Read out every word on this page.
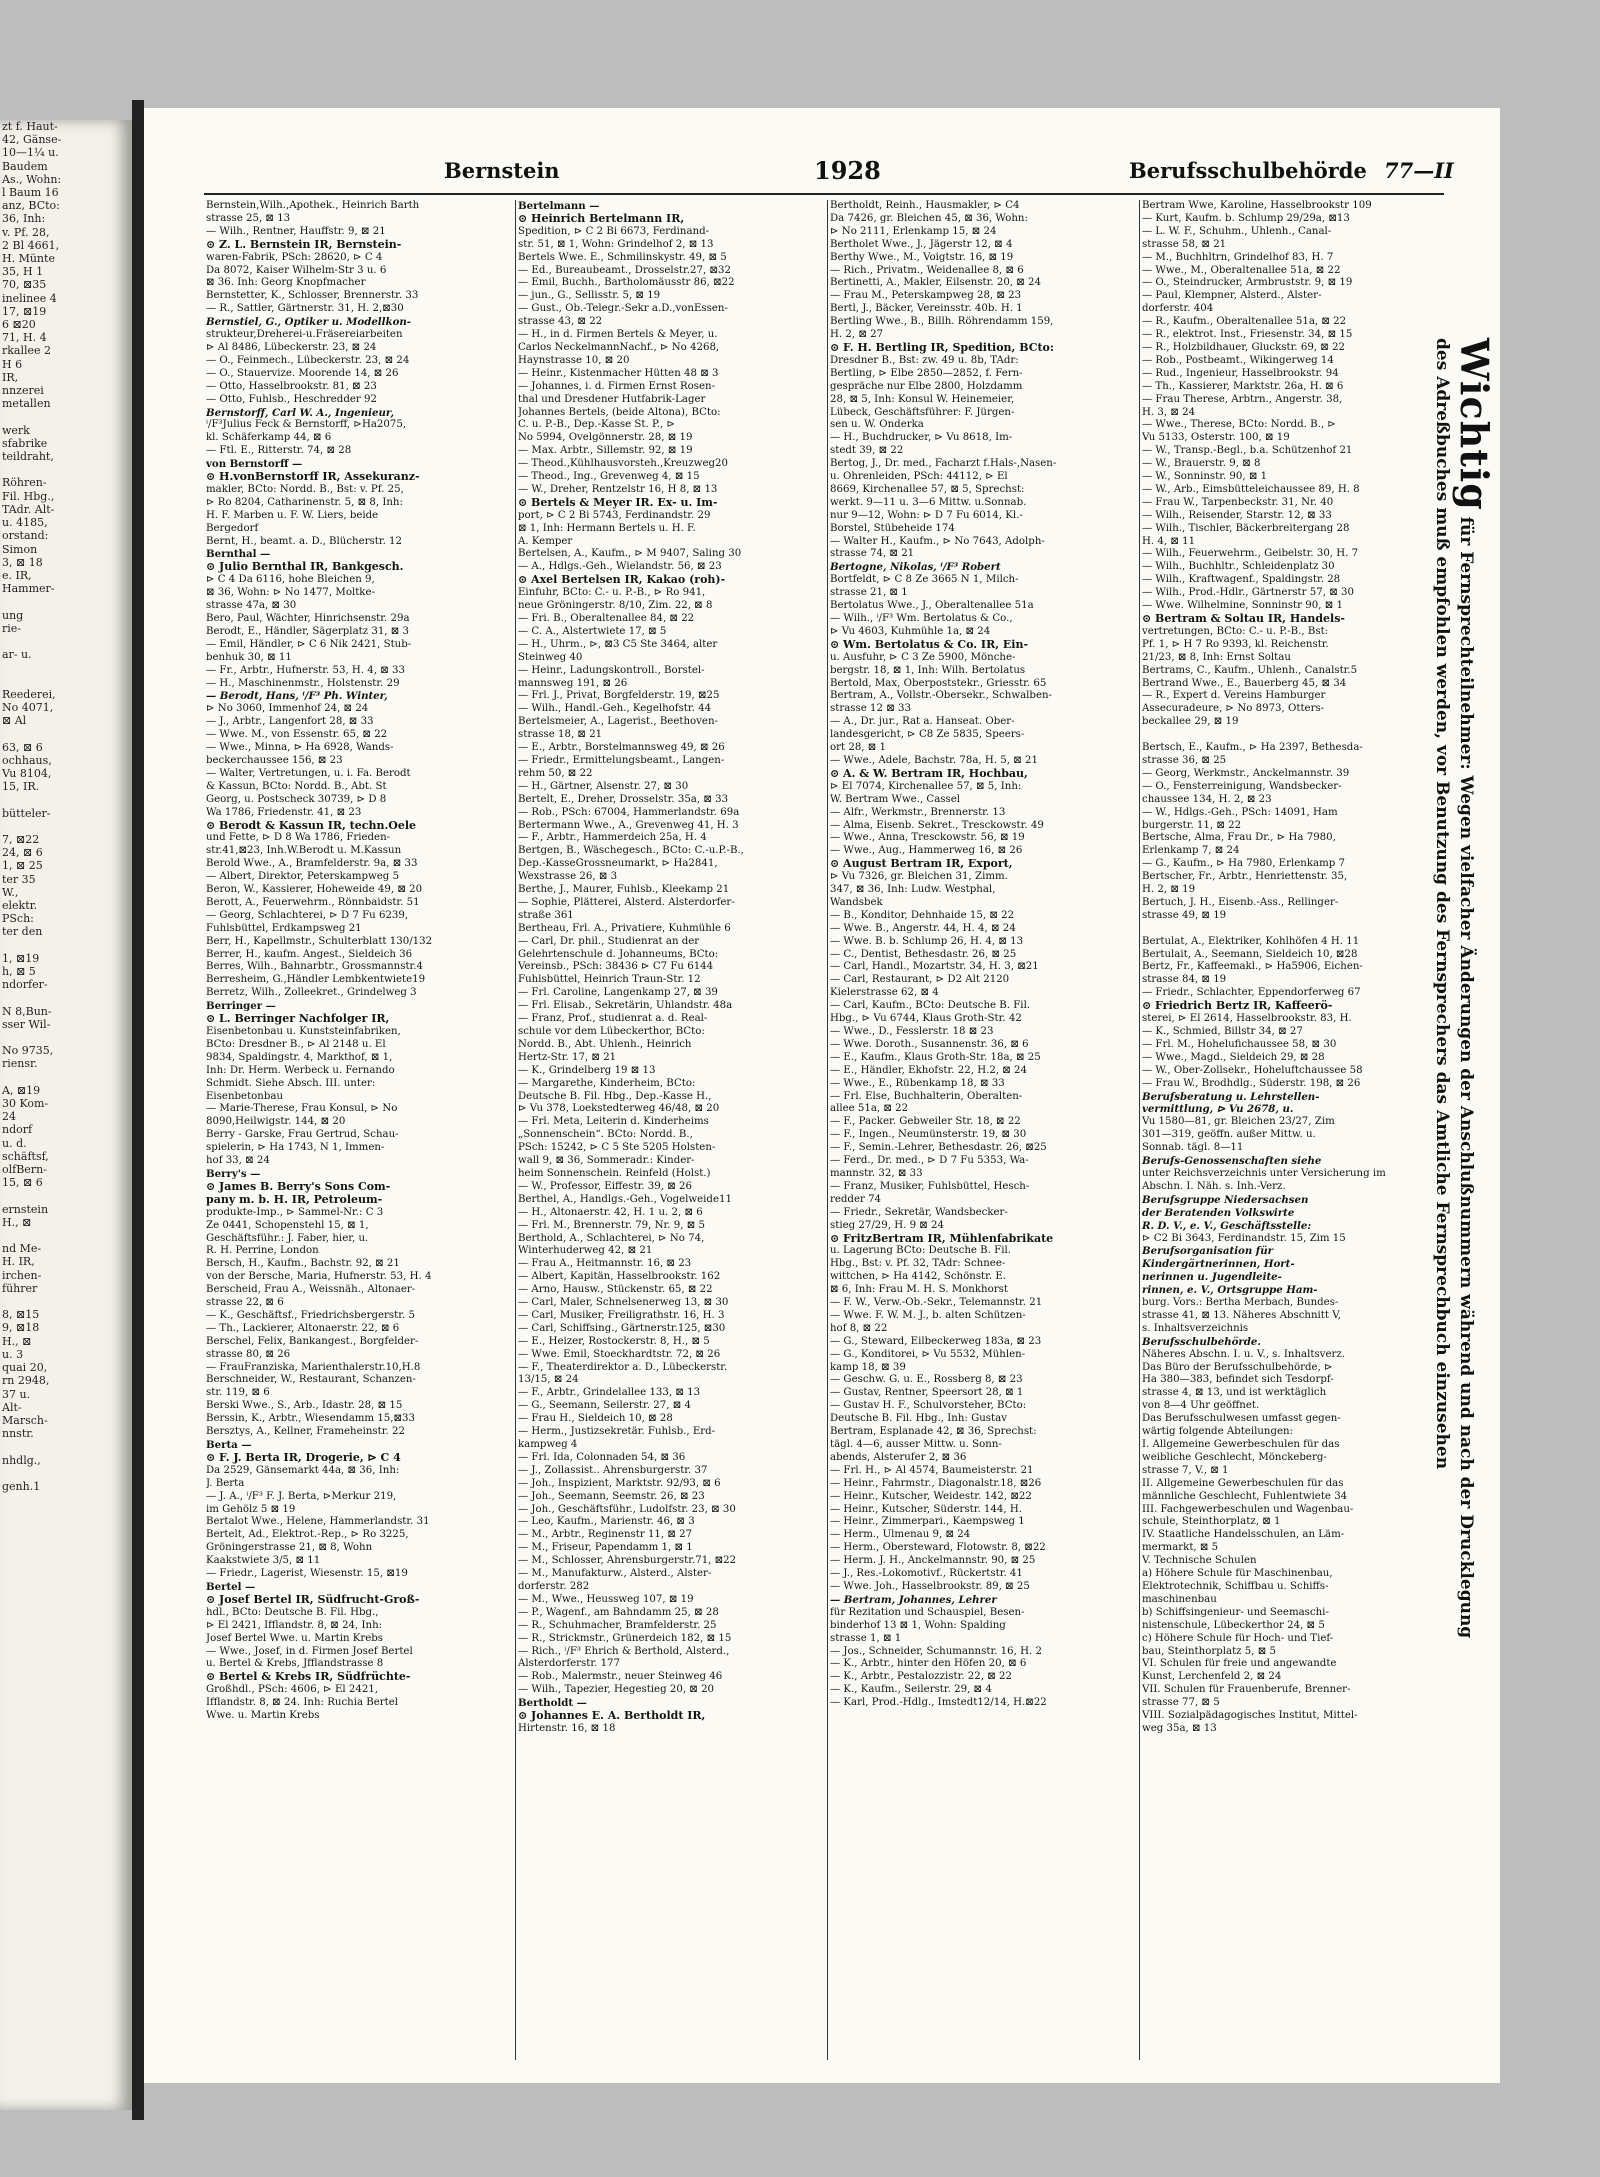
zt f. Haut-
42, Gänse-
10—1¼ u.
Baudem
As., Wohn:
l Baum 16
anz, BCto:
36, Inh:
v. Pf. 28,
2 Bl 4661,
H. Münte
35, H 1
70, ⊠35
inelinee 4
17, ⊠19
6 ⊠20
71, H. 4
rkallee 2
H 6
IR,
nnzerei
metallen

werk
sfabrike
teildraht,

Röhren-
Fil. Hbg.,
TAdr. Alt-
u. 4185,
orstand:
Simon
3, ⊠ 18
e. IR,
Hammer-

ung
rie-

ar- u.

Reederei,
No 4071,
⊠ Al

63, ⊠ 6
ochhaus,
Vu 8104,
15, IR.

bütteler-

7, ⊠22
24, ⊠ 6
1, ⊠ 25
ter 35
W.,
elektr.
PSch:
ter den

1, ⊠19
h, ⊠ 5
ndorfer-

N 8,Bun-
sser Wil-

No 9735,
riensr.

A, ⊠19
30 Kom-
24
ndorf
u. d.
schäftsf,
olfBern-
15, ⊠ 6

ernstein
H., ⊠

nd Me-
H. IR,
irchen-
führer

8, ⊠15
9, ⊠18
H., ⊠
u. 3
quai 20,
rn 2948,
37 u.
Alt-
Marsch-
nnstr.

nhdlg.,

genh.1
Bernstein	1928	Berufsschulbehörde 77—II
Bernstein,Wilh.,Apothek., Heinrich Barth
strasse 25, ⊠ 13
— Wilh., Rentner, Hauffstr. 9, ⊠ 21
⊙ Z. L. Bernstein IR, Bernstein-
waren-Fabrik, PSch: 28620, ⊳ C 4
Da 8072, Kaiser Wilhelm-Str 3 u. 6
⊠ 36. Inh: Georg Knopfmacher
Bernstetter, K., Schlosser, Brennerstr. 33
— R., Sattler, Gärtnerstr. 31, H. 2,⊠30
Bernstiel, G., Optiker u. Modellkon-
strukteur,Dreherei-u.Fräsereiarbeiten
⊳ Al 8486, Lübeckerstr. 23, ⊠ 24
— O., Feinmech., Lübeckerstr. 23, ⊠ 24
— O., Stauervize. Moorende 14, ⊠ 26
— Otto, Hasselbrookstr. 81, ⊠ 23
— Otto, Fuhlsb., Heschredder 92
Bernstorff, Carl W. A., Ingenieur,
ⁱ/F³Julius Feck & Bernstorff, ⊳Ha2075,
kl. Schäferkamp 44, ⊠ 6
— Ftl. E., Ritterstr. 74, ⊠ 28
von Bernstorff —
⊙ H.vonBernstorff IR, Assekuranz-
makler, BCto: Nordd. B., Bst: v. Pf. 25,
⊳ Ro 8204, Catharinenstr. 5, ⊠ 8, Inh:
H. F. Marben u. F. W. Liers, beide
Bergedorf
Bernt, H., beamt. a. D., Blücherstr. 12
Bernthal —
⊙ Julio Bernthal IR, Bankgesch.
⊳ C 4 Da 6116, hohe Bleichen 9,
⊠ 36, Wohn: ⊳ No 1477, Moltke-
strasse 47a, ⊠ 30
Bero, Paul, Wächter, Hinrichsenstr. 29a
Berodt, E., Händler, Sägerplatz 31, ⊠ 3
— Emil, Händler, ⊳ C 6 Nik 2421, Stub-
benhuk 30, ⊠ 11
— Fr., Arbtr., Hufnerstr. 53, H. 4, ⊠ 33
— H., Maschinenmstr., Holstenstr. 29
— Berodt, Hans, ⁱ/F³ Ph. Winter,
⊳ No 3060, Immenhof 24, ⊠ 24
— J., Arbtr., Langenfort 28, ⊠ 33
— Wwe. M., von Essenstr. 65, ⊠ 22
— Wwe., Minna, ⊳ Ha 6928, Wands-
beckerchaussee 156, ⊠ 23
— Walter, Vertretungen, u. i. Fa. Berodt
& Kassun, BCto: Nordd. B., Abt. St
Georg, u. Postscheck 30739, ⊳ D 8
Wa 1786, Friedenstr. 41, ⊠ 23
⊙ Berodt & Kassun IR, techn.Oele
und Fette, ⊳ D 8 Wa 1786, Frieden-
str.41,⊠23, Inh.W.Berodt u. M.Kassun
Berold Wwe., A., Bramfelderstr. 9a, ⊠ 33
— Albert, Direktor, Peterskampweg 5
Beron, W., Kassierer, Hoheweide 49, ⊠ 20
Berott, A., Feuerwehrm., Rönnbaidstr. 51
— Georg, Schlachterei, ⊳ D 7 Fu 6239,
Fuhlsbüttel, Erdkampsweg 21
Berr, H., Kapellmstr., Schulterblatt 130/132
Berrer, H., kaufm. Angest., Sieldeich 36
Berres, Wilh., Bahnarbtr., Grossmannstr.4
Berresheim, G.,Händler Lembkentwiete19
Berretz, Wilh., Zolleekret., Grindelweg 3
Berringer —
⊙ L. Berringer Nachfolger IR,
Eisenbetonbau u. Kunststeinfabriken,
BCto: Dresdner B., ⊳ Al 2148 u. El
9834, Spaldingstr. 4, Markthof, ⊠ 1,
Inh: Dr. Herm. Werbeck u. Fernando
Schmidt. Siehe Absch. III. unter:
Eisenbetonbau
— Marie-Therese, Frau Konsul, ⊳ No
8090,Heilwigstr. 144, ⊠ 20
Berry - Garske, Frau Gertrud, Schau-
spielerin, ⊳ Ha 1743, N 1, Immen-
hof 33, ⊠ 24
Berry's —
⊙ James B. Berry's Sons Com-
pany m. b. H. IR, Petroleum-
produkte-Imp., ⊳ Sammel-Nr.: C 3
Ze 0441, Schopenstehl 15, ⊠ 1,
Geschäftsführ.: J. Faber, hier, u.
R. H. Perrine, London
Bersch, H., Kaufm., Bachstr. 92, ⊠ 21
von der Bersche, Maria, Hufnerstr. 53, H. 4
Berscheid, Frau A., Weissnäh., Altonaer-
strasse 22, ⊠ 6
— K., Geschäftsf., Friedrichsbergerstr. 5
— Th., Lackierer, Altonaerstr. 22, ⊠ 6
Berschel, Felix, Bankangest., Borgfelder-
strasse 80, ⊠ 26
— FrauFranziska, Marienthalerstr.10,H.8
Berschneider, W., Restaurant, Schanzen-
str. 119, ⊠ 6
Berski Wwe., S., Arb., Idastr. 28, ⊠ 15
Berssin, K., Arbtr., Wiesendamm 15,⊠33
Bersztys, A., Kellner, Frameheinstr. 22
Berta —
⊙ F. J. Berta IR, Drogerie, ⊳ C 4
Da 2529, Gänsemarkt 44a, ⊠ 36, Inh:
J. Berta
— J. A., ⁱ/F³ F. J. Berta, ⊳Merkur 219,
im Gehölz 5 ⊠ 19
Bertalot Wwe., Helene, Hammerlandstr. 31
Bertelt, Ad., Elektrot.-Rep., ⊳ Ro 3225,
Gröningerstrasse 21, ⊠ 8, Wohn
Kaakstwiete 3/5, ⊠ 11
— Friedr., Lagerist, Wiesenstr. 15, ⊠19
Bertel —
⊙ Josef Bertel IR, Südfrucht-Groß-
hdl., BCto: Deutsche B. Fil. Hbg.,
⊳ El 2421, Ifflandstr. 8, ⊠ 24, Inh:
Josef Bertel Wwe. u. Martin Krebs
— Wwe., Josef, in d. Firmen Josef Bertel
u. Bertel & Krebs, Jfflandstrasse 8
⊙ Bertel & Krebs IR, Südfrüchte-
Großhdl., PSch: 4606, ⊳ El 2421,
Ifflandstr. 8, ⊠ 24. Inh: Ruchia Bertel
Wwe. u. Martin Krebs
Bertelmann —
⊙ Heinrich Bertelmann IR,
Spedition, ⊳ C 2 Bi 6673, Ferdinand-
str. 51, ⊠ 1, Wohn: Grindelhof 2, ⊠ 13
Bertels Wwe. E., Schmilinskystr. 49, ⊠ 5
— Ed., Bureaubeamt., Drosselstr.27, ⊠32
— Emil, Buchh., Bartholomäusstr 86, ⊠22
— jun., G., Sellisstr. 5, ⊠ 19
— Gust., Ob.-Telegr.-Sekr a.D.,vonEssen-
strasse 43, ⊠ 22
— H., in d. Firmen Bertels & Meyer, u.
Carlos NeckelmannNachf., ⊳ No 4268,
Haynstrasse 10, ⊠ 20
— Heinr., Kistenmacher Hütten 48 ⊠ 3
— Johannes, i. d. Firmen Ernst Rosen-
thal und Dresdener Hutfabrik-Lager
Johannes Bertels, (beide Altona), BCto:
C. u. P.-B., Dep.-Kasse St. P., ⊳
No 5994, Övelgönnerstr. 28, ⊠ 19
— Max. Arbtr., Sillemstr. 92, ⊠ 19
— Theod.,Kühlhausvorsteh.,Kreuzweg20
— Theod., Ing., Grevenweg 4, ⊠ 15
— W., Dreher, Rentzelstr 16, H 8, ⊠ 13
⊙ Bertels & Meyer IR. Ex- u. Im-
port, ⊳ C 2 Bi 5743, Ferdinandstr. 29
⊠ 1, Inh: Hermann Bertels u. H. F.
A. Kemper
Bertelsen, A., Kaufm., ⊳ M 9407, Saling 30
— A., Hdlgs.-Geh., Wielandstr. 56, ⊠ 23
⊙ Axel Bertelsen IR, Kakao (roh)-
Einfuhr, BCto: C.- u. P.-B., ⊳ Ro 941,
neue Gröningerstr. 8/10, Zim. 22, ⊠ 8
— Fri. B., Oberaltenallee 84, ⊠ 22
— C. A., Alstertwiete 17, ⊠ 5
— H., Uhrm., ⊳, ⊠3 C5 Ste 3464, alter
Steinweg 40
— Heinr., Ladungskontroll., Borstel-
mannsweg 191, ⊠ 26
— Frl. J., Privat, Borgfelderstr. 19, ⊠25
— Wilh., Handl.-Geh., Kegelhofstr. 44
Bertelsmeier, A., Lagerist., Beethoven-
strasse 18, ⊠ 21
— E., Arbtr., Borstelmannsweg 49, ⊠ 26
— Friedr., Ermittelungsbeamt., Langen-
rehm 50, ⊠ 22
— H., Gärtner, Alsenstr. 27, ⊠ 30
Bertelt, E., Dreher, Drosselstr. 35a, ⊠ 33
— Rob., PSch: 67004, Hammerlandstr. 69a
Bertermann Wwe., A., Grevenweg 41, H. 3
— F., Arbtr., Hammerdeich 25a, H. 4
Bertgen, B., Wäschegesch., BCto: C.-u.P.-B.,
Dep.-KasseGrossneumarkt, ⊳ Ha2841,
Wexstrasse 26, ⊠ 3
Berthe, J., Maurer, Fuhlsb., Kleekamp 21
— Sophie, Plätterei, Alsterd. Alsterdorfer-
straße 361
Bertheau, Frl. A., Privatiere, Kuhmühle 6
— Carl, Dr. phil., Studienrat an der
Gelehrtenschule d. Johanneums, BCto:
Vereinsb., PSch: 38436 ⊳ C7 Fu 6144
Fuhlsbüttel, Heinrich Traun-Str. 12
— Frl. Caroline, Langenkamp 27, ⊠ 39
— Frl. Elisab., Sekretärin, Uhlandstr. 48a
— Franz, Prof., studienrat a. d. Real-
schule vor dem Lübeckerthor, BCto:
Nordd. B., Abt. Uhlenh., Heinrich
Hertz-Str. 17, ⊠ 21
— K., Grindelberg 19 ⊠ 13
— Margarethe, Kinderheim, BCto:
Deutsche B. Fil. Hbg., Dep.-Kasse H.,
⊳ Vu 378, Loekstedterweg 46/48, ⊠ 20
— Frl. Meta, Leiterin d. Kinderheims
„Sonnenschein“. BCto: Nordd. B.,
PSch: 15242, ⊳ C 5 Ste 5205 Holsten-
wall 9, ⊠ 36, Sommeradr.: Kinder-
heim Sonnenschein. Reinfeld (Holst.)
— W., Professor, Eiffestr. 39, ⊠ 26
Berthel, A., Handlgs.-Geh., Vogelweide11
— H., Altonaerstr. 42, H. 1 u. 2, ⊠ 6
— Frl. M., Brennerstr. 79, Nr. 9, ⊠ 5
Berthold, A., Schlachterei, ⊳ No 74,
Winterhuderweg 42, ⊠ 21
— Frau A., Heitmannstr. 16, ⊠ 23
— Albert, Kapitän, Hasselbrookstr. 162
— Arno, Hausw., Stückenstr. 65, ⊠ 22
— Carl, Maler, Schnelsenerweg 13, ⊠ 30
— Carl, Musiker, Freiligrathstr. 16, H. 3
— Carl, Schiffsing., Gärtnerstr.125, ⊠30
— E., Heizer, Rostockerstr. 8, H., ⊠ 5
— Wwe. Emil, Stoeckhardtstr. 72, ⊠ 26
— F., Theaterdirektor a. D., Lübeckerstr.
13/15, ⊠ 24
— F., Arbtr., Grindelallee 133, ⊠ 13
— G., Seemann, Seilerstr. 27, ⊠ 4
— Frau H., Sieldeich 10, ⊠ 28
— Herm., Justizsekretär. Fuhlsb., Erd-
kampweg 4
— Frl. Ida, Colonnaden 54, ⊠ 36
— J., Zollassist.. Ahrensburgerstr. 37
— Joh., Inspizient, Marktstr. 92/93, ⊠ 6
— Joh., Seemann, Seemstr. 26, ⊠ 23
— Joh., Geschäftsführ., Ludolfstr. 23, ⊠ 30
— Leo, Kaufm., Marienstr. 46, ⊠ 3
— M., Arbtr., Reginenstr 11, ⊠ 27
— M., Friseur, Papendamm 1, ⊠ 1
— M., Schlosser, Ahrensburgerstr.71, ⊠22
— M., Manufakturw., Alsterd., Alster-
dorferstr. 282
— M., Wwe., Heussweg 107, ⊠ 19
— P., Wagenf., am Bahndamm 25, ⊠ 28
— R., Schuhmacher, Bramfelderstr. 25
— R., Strickmstr., Grünerdeich 182, ⊠ 15
— Rich., ⁱ/F³ Ehrich & Berthold, Alsterd.,
Alsterdorferstr. 177
— Rob., Malermstr., neuer Steinweg 46
— Wilh., Tapezier, Hegestieg 20, ⊠ 20
Bertholdt —
⊙ Johannes E. A. Bertholdt IR,
Hirtenstr. 16, ⊠ 18
Bertholdt, Reinh., Hausmakler, ⊳ C4
Da 7426, gr. Bleichen 45, ⊠ 36, Wohn:
⊳ No 2111, Erlenkamp 15, ⊠ 24
Bertholet Wwe., J., Jägerstr 12, ⊠ 4
Berthy Wwe., M., Voigtstr. 16, ⊠ 19
— Rich., Privatm., Weidenallee 8, ⊠ 6
Bertinetti, A., Makler, Eilsenstr. 20, ⊠ 24
— Frau M., Peterskampweg 28, ⊠ 23
Bertl, J., Bäcker, Vereinsstr. 40b. H. 1
Bertling Wwe., B., Billh. Röhrendamm 159,
H. 2, ⊠ 27
⊙ F. H. Bertling IR, Spedition, BCto:
Dresdner B., Bst: zw. 49 u. 8b, TAdr:
Bertling, ⊳ Elbe 2850—2852, f. Fern-
gespräche nur Elbe 2800, Holzdamm
28, ⊠ 5, Inh: Konsul W. Heinemeier,
Lübeck, Geschäftsführer: F. Jürgen-
sen u. W. Onderka
— H., Buchdrucker, ⊳ Vu 8618, Im-
stedt 39, ⊠ 22
Bertog, J., Dr. med., Facharzt f.Hals-,Nasen-
u. Ohrenleiden, PSch: 44112, ⊳ El
8669, Kirchenallee 57, ⊠ 5, Sprechst:
werkt. 9—11 u. 3—6 Mittw. u.Sonnab.
nur 9—12, Wohn: ⊳ D 7 Fu 6014, Kl.-
Borstel, Stübeheide 174
— Walter H., Kaufm., ⊳ No 7643, Adolph-
strasse 74, ⊠ 21
Bertogne, Nikolas, ⁱ/F³ Robert
Bortfeldt, ⊳ C 8 Ze 3665 N 1, Milch-
strasse 21, ⊠ 1
Bertolatus Wwe., J., Oberaltenallee 51a
— Wilh., ⁱ/F³ Wm. Bertolatus & Co.,
⊳ Vu 4603, Kuhmühle 1a, ⊠ 24
⊙ Wm. Bertolatus & Co. IR, Ein-
u. Ausfuhr, ⊳ C 3 Ze 5900, Mönche-
bergstr. 18, ⊠ 1, Inh: Wilh. Bertolatus
Bertold, Max, Oberpoststekr., Griesstr. 65
Bertram, A., Vollstr.-Obersekr., Schwalben-
strasse 12 ⊠ 33
— A., Dr. jur., Rat a. Hanseat. Ober-
landesgericht, ⊳ C8 Ze 5835, Speers-
ort 28, ⊠ 1
— Wwe., Adele, Bachstr. 78a, H. 5, ⊠ 21
⊙ A. & W. Bertram IR, Hochbau,
⊳ El 7074, Kirchenallee 57, ⊠ 5, Inh:
W. Bertram Wwe., Cassel
— Alfr., Werkmstr., Brennerstr. 13
— Alma, Eisenb. Sekret., Tresckowstr. 49
— Wwe., Anna, Tresckowstr. 56, ⊠ 19
— Wwe., Aug., Hammerweg 16, ⊠ 26
⊙ August Bertram IR, Export,
⊳ Vu 7326, gr. Bleichen 31, Zimm.
347, ⊠ 36, Inh: Ludw. Westphal,
Wandsbek
— B., Konditor, Dehnhaide 15, ⊠ 22
— Wwe. B., Angerstr. 44, H. 4, ⊠ 24
— Wwe. B. b. Schlump 26, H. 4, ⊠ 13
— C., Dentist, Bethesdastr. 26, ⊠ 25
— Carl, Handl., Mozartstr. 34, H. 3, ⊠21
— Carl, Restaurant, ⊳ D2 Alt 2120
Kielerstrasse 62, ⊠ 4
— Carl, Kaufm., BCto: Deutsche B. Fil.
Hbg., ⊳ Vu 6744, Klaus Groth-Str. 42
— Wwe., D., Fesslerstr. 18 ⊠ 23
— Wwe. Doroth., Susannenstr. 36, ⊠ 6
— E., Kaufm., Klaus Groth-Str. 18a, ⊠ 25
— E., Händler, Ekhofstr. 22, H.2, ⊠ 24
— Wwe., E., Rübenkamp 18, ⊠ 33
— Frl. Else, Buchhalterin, Oberalten-
allee 51a, ⊠ 22
— F., Packer. Gebweiler Str. 18, ⊠ 22
— F., Ingen., Neumünsterstr. 19, ⊠ 30
— F., Semin.-Lehrer, Bethesdastr. 26, ⊠25
— Ferd., Dr. med., ⊳ D 7 Fu 5353, Wa-
mannstr. 32, ⊠ 33
— Franz, Musiker, Fuhlsbüttel, Hesch-
redder 74
— Friedr., Sekretär, Wandsbecker-
stieg 27/29, H. 9 ⊠ 24
⊙ FritzBertram IR, Mühlenfabrikate
u. Lagerung BCto: Deutsche B. Fil.
Hbg., Bst: v. Pf. 32, TAdr: Schnee-
wittchen, ⊳ Ha 4142, Schönstr. E.
⊠ 6, Inh: Frau M. H. S. Monkhorst
— F. W., Verw.-Ob.-Sekr., Telemannstr. 21
— Wwe. F. W. M. J., b. alten Schützen-
hof 8, ⊠ 22
— G., Steward, Eilbeckerweg 183a, ⊠ 23
— G., Konditorei, ⊳ Vu 5532, Mühlen-
kamp 18, ⊠ 39
— Geschw. G. u. E., Rossberg 8, ⊠ 23
— Gustav, Rentner, Speersort 28, ⊠ 1
— Gustav H. F., Schulvorsteher, BCto:
Deutsche B. Fil. Hbg., Inh: Gustav
Bertram, Esplanade 42, ⊠ 36, Sprechst:
tägl. 4—6, ausser Mittw. u. Sonn-
abends, Alsterufer 2, ⊠ 36
— Frl. H., ⊳ Al 4574, Baumeisterstr. 21
— Heinr., Fahrmstr., Diagonalstr.18, ⊠26
— Heinr., Kutscher, Weidestr. 142, ⊠22
— Heinr., Kutscher, Süderstr. 144, H.
— Heinr., Zimmerpari., Kaempsweg 1
— Herm., Ulmenau 9, ⊠ 24
— Herm., Obersteward, Flotowstr. 8, ⊠22
— Herm. J. H., Anckelmannstr. 90, ⊠ 25
— J., Res.-Lokomotivf., Rückertstr. 41
— Wwe. Joh., Hasselbrookstr. 89, ⊠ 25
— Bertram, Johannes, Lehrer
für Rezitation und Schauspiel, Besen-
binderhof 13 ⊠ 1, Wohn: Spalding
strasse 1, ⊠ 1
— Jos., Schneider, Schumannstr. 16, H. 2
— K., Arbtr., hinter den Höfen 20, ⊠ 6
— K., Arbtr., Pestalozzistr. 22, ⊠ 22
— K., Kaufm., Seilerstr. 29, ⊠ 4
— Karl, Prod.-Hdlg., Imstedt12/14, H.⊠22
Bertram Wwe, Karoline, Hasselbrookstr 109
— Kurt, Kaufm. b. Schlump 29/29a, ⊠13
— L. W. F., Schuhm., Uhlenh., Canal-
strasse 58, ⊠ 21
— M., Buchhltrn, Grindelhof 83, H. 7
— Wwe., M., Oberaltenallee 51a, ⊠ 22
— O., Steindrucker, Armbruststr. 9, ⊠ 19
— Paul, Klempner, Alsterd., Alster-
dorferstr. 404
— R., Kaufm., Oberaltenallee 51a, ⊠ 22
— R., elektrot. Inst., Friesenstr. 34, ⊠ 15
— R., Holzbildhauer, Gluckstr. 69, ⊠ 22
— Rob., Postbeamt., Wikingerweg 14
— Rud., Ingenieur, Hasselbrookstr. 94
— Th., Kassierer, Marktstr. 26a, H. ⊠ 6
— Frau Therese, Arbtrn., Angerstr. 38,
H. 3, ⊠ 24
— Wwe., Therese, BCto: Nordd. B., ⊳
Vu 5133, Osterstr. 100, ⊠ 19
— W., Transp.-Begl., b.a. Schützenhof 21
— W., Brauerstr. 9, ⊠ 8
— W., Sonninstr. 90, ⊠ 1
— W., Arb., Eimsbütteleichaussee 89, H. 8
— Frau W., Tarpenbeckstr. 31, Nr. 40
— Wilh., Reisender, Starstr. 12, ⊠ 33
— Wilh., Tischler, Bäckerbreitergang 28
H. 4, ⊠ 11
— Wilh., Feuerwehrm., Geibelstr. 30, H. 7
— Wilh., Buchhltr., Schleidenplatz 30
— Wilh., Kraftwagenf., Spaldingstr. 28
— Wilh., Prod.-Hdlr., Gärtnerstr 57, ⊠ 30
— Wwe. Wilhelmine, Sonninstr 90, ⊠ 1
⊙ Bertram & Soltau IR, Handels-
vertretungen, BCto: C.- u. P.-B., Bst:
Pf. 1, ⊳ H 7 Ro 9393, kl. Reichenstr.
21/23, ⊠ 8, Inh: Ernst Soltau
Bertrams, C., Kaufm., Uhlenh., Canalstr.5
Bertrand Wwe., E., Bauerberg 45, ⊠ 34
— R., Expert d. Vereins Hamburger
Assecuradeure, ⊳ No 8973, Otters-
beckallee 29, ⊠ 19

Bertsch, E., Kaufm., ⊳ Ha 2397, Bethesda-
strasse 36, ⊠ 25
— Georg, Werkmstr., Anckelmannstr. 39
— O., Fensterreinigung, Wandsbecker-
chaussee 134, H. 2, ⊠ 23
— W., Hdlgs.-Geh., PSch: 14091, Ham
burgerstr. 11, ⊠ 22
Bertsche, Alma, Frau Dr., ⊳ Ha 7980,
Erlenkamp 7, ⊠ 24
— G., Kaufm., ⊳ Ha 7980, Erlenkamp 7
Bertscher, Fr., Arbtr., Henriettenstr. 35,
H. 2, ⊠ 19
Bertuch, J. H., Eisenb.-Ass., Rellinger-
strasse 49, ⊠ 19

Bertulat, A., Elektriker, Kohlhöfen 4 H. 11
Bertulait, A., Seemann, Sieldeich 10, ⊠28
Bertz, Fr., Kaffeemakl., ⊳ Ha5906, Eichen-
strasse 84, ⊠ 19
— Friedr., Schlachter, Eppendorferweg 67
⊙ Friedrich Bertz IR, Kaffeerö-
sterei, ⊳ El 2614, Hasselbrookstr. 83, H.
— K., Schmied, Billstr 34, ⊠ 27
— Frl. M., Hohelufichaussee 58, ⊠ 30
— Wwe., Magd., Sieldeich 29, ⊠ 28
— W., Ober-Zollsekr., Hoheluftchaussee 58
— Frau W., Brodhdlg., Süderstr. 198, ⊠ 26
Berufsberatung u. Lehrstellen-
vermittlung, ⊳ Vu 2678, u.
Vu 1580—81, gr. Bleichen 23/27, Zim
301—319, geöffn. außer Mittw. u.
Sonnab. tägl. 8—11
Berufs-Genossenschaften siehe
unter Reichsverzeichnis unter Versicherung im
Abschn. I. Näh. s. Inh.-Verz.
Berufsgruppe Niedersachsen
der Beratenden Volkswirte
R. D. V., e. V., Geschäftsstelle:
⊳ C2 Bi 3643, Ferdinandstr. 15, Zim 15
Berufsorganisation für
Kindergärtnerinnen, Hort-
nerinnen u. Jugendleite-
rinnen, e. V., Ortsgruppe Ham-
burg. Vors.: Bertha Merbach, Bundes-
strasse 41, ⊠ 13. Näheres Abschnitt V,
s. Inhaltsverzeichnis
Berufsschulbehörde.
Näheres Abschn. I. u. V., s. Inhaltsverz.
Das Büro der Berufsschulbehörde, ⊳
Ha 380—383, befindet sich Tesdorpf-
strasse 4, ⊠ 13, und ist werktäglich
von 8—4 Uhr geöffnet.
Das Berufsschulwesen umfasst gegen-
wärtig folgende Abteilungen:
I. Allgemeine Gewerbeschulen für das
weibliche Geschlecht, Mönckeberg-
strasse 7, V., ⊠ 1
II. Allgemeine Gewerbeschulen für das
männliche Geschlecht, Fuhlentwiete 34
III. Fachgewerbeschulen und Wagenbau-
schule, Steinthorplatz, ⊠ 1
IV. Staatliche Handelsschulen, an Läm-
mermarkt, ⊠ 5
V. Technische Schulen
a) Höhere Schule für Maschinenbau,
Elektrotechnik, Schiffbau u. Schiffs-
maschinenbau
b) Schiffsingenieur- und Seemaschi-
nistenschule, Lübeckerthor 24, ⊠ 5
c) Höhere Schule für Hoch- und Tief-
bau, Steinthorplatz 5, ⊠ 5
VI. Schulen für freie und angewandte
Kunst, Lerchenfeld 2, ⊠ 24
VII. Schulen für Frauenberufe, Brenner-
strasse 77, ⊠ 5
VIII. Sozialpädagogisches Institut, Mittel-
weg 35a, ⊠ 13
Wichtig für Fernsprechteilnehmer: Wegen vielfacher Änderungen der Anschlußnummern während und nach der Drucklegung
des Adreßbuches muß empfohlen werden, vor Benutzung des Fernsprechers das Amtliche Fernsprechbuch einzusehen
